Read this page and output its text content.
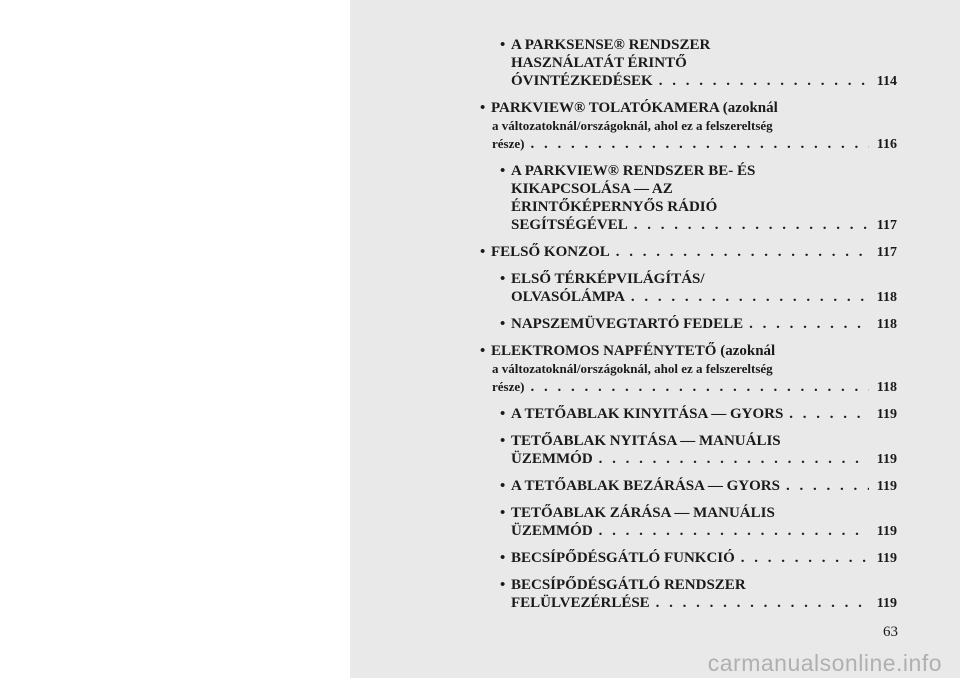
• A PARKSENSE® RENDSZER
HASZNÁLATÁT ÉRINTŐ
ÓVINTÉZKEDÉSEK . . .	114
• PARKVIEW® TOLATÓKAMERA (azoknál
a változatoknál/országoknál, ahol ez a felszereltség
része) . . .	116
• A PARKVIEW® RENDSZER BE- ÉS
KIKAPCSOLÁSA — AZ
ÉRINTŐKÉPERNYŐS RÁDIÓ
SEGÍTSÉGÉVEL . . .	117
• FELSŐ KONZOL . . .	117
• ELSŐ TÉRKÉPVILÁGÍTÁS/
OLVASÓLÁMPA . . .	118
• NAPSZEMÜVEGTARTÓ FEDELE . . .	118
• ELEKTROMOS NAPFÉNYTETŐ (azoknál
a változatoknál/országoknál, ahol ez a felszereltség
része) . . .	118
• A TETŐABLAK KINYITÁSA — GYORS . . .	119
• TETŐABLAK NYITÁSA — MANUÁLIS
ÜZEMMÓD . . .	119
• A TETŐABLAK BEZÁRÁSA — GYORS . . .	119
• TETŐABLAK ZÁRÁSA — MANUÁLIS
ÜZEMMÓD . . .	119
• BECSÍPŐDÉSGÁTLÓ FUNKCIÓ . . .	119
• BECSÍPŐDÉSGÁTLÓ RENDSZER
FELÜLVEZÉRLÉSE . . .	119
63
carmanualsonline.info
